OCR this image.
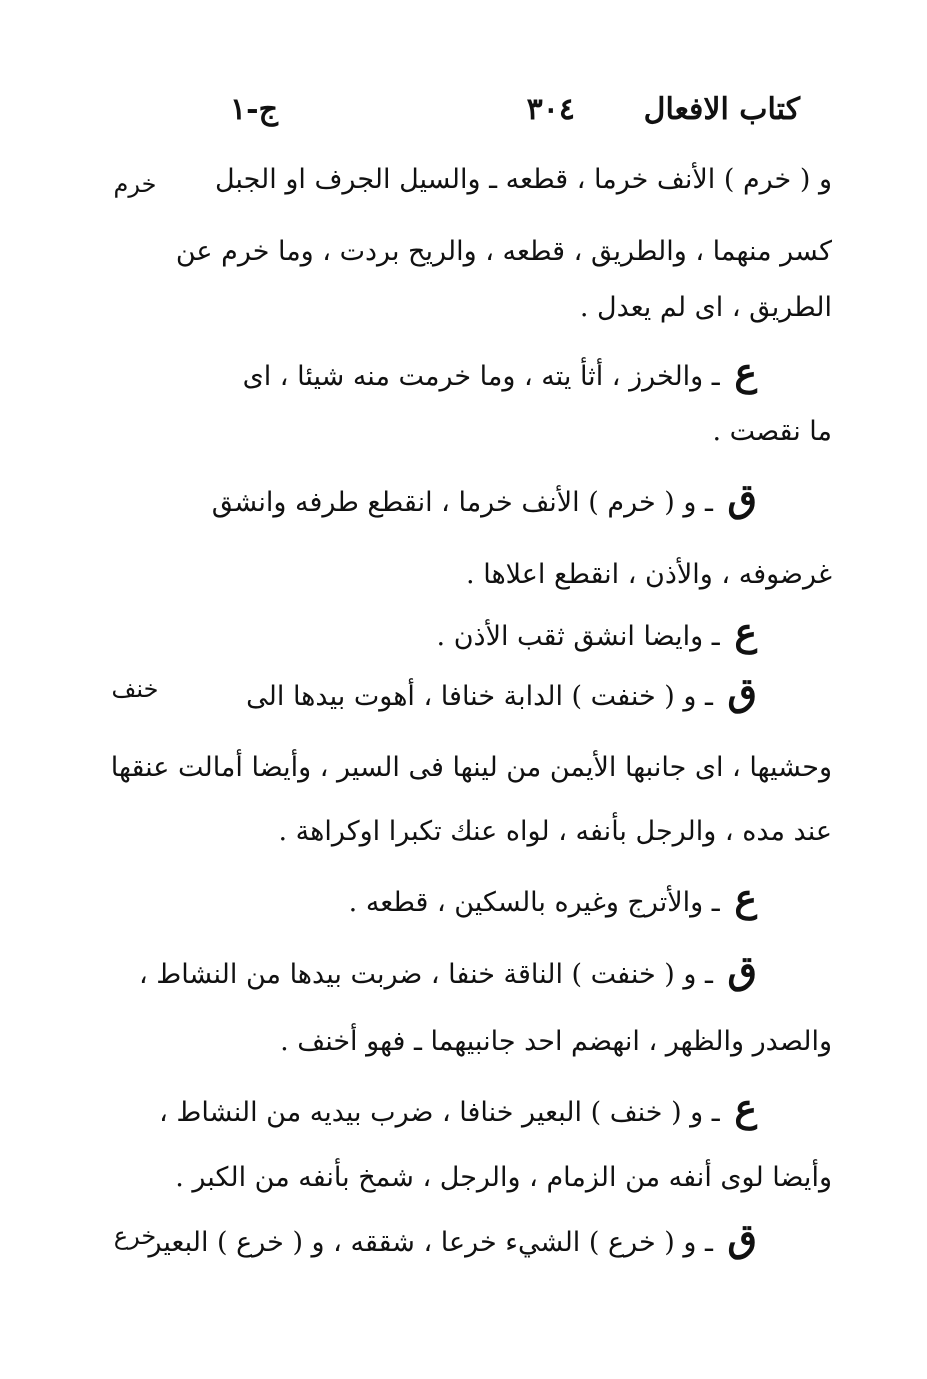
كتاب الافعال
٣٠٤
ج-١
خرم
خنف
خرع
و ( خرم ) الأنف خرما ، قطعه ـ والسيل الجرف او الجبل
كسر منهما ، والطريق ، قطعه ، والريح بردت ، وما خرم عن
الطريق ، اى لم يعدل .
ع ـ والخرز ، أثأ يته ، وما خرمت منه شيئا ، اى
ما نقصت .
ق ـ و ( خرم ) الأنف خرما ، انقطع طرفه وانشق
غرضوفه ، والأذن ، انقطع اعلاها .
ع ـ وايضا انشق ثقب الأذن .
ق ـ و ( خنفت ) الدابة خنافا ، أهوت بيدها الى
وحشيها ، اى جانبها الأيمن من لينها فى السير ، وأيضا أمالت عنقها
عند مده ، والرجل بأنفه ، لواه عنك تكبرا اوكراهة .
ع ـ والأترج وغيره بالسكين ، قطعه .
ق ـ و ( خنفت ) الناقة خنفا ، ضربت بيدها من النشاط ،
والصدر والظهر ، انهضم احد جانبيهما ـ فهو أخنف .
ع ـ و ( خنف ) البعير خنافا ، ضرب بيديه من النشاط ،
وأيضا لوى أنفه من الزمام ، والرجل ، شمخ بأنفه من الكبر .
ق ـ و ( خرع ) الشيء خرعا ، شققه ، و ( خرع ) البعير
